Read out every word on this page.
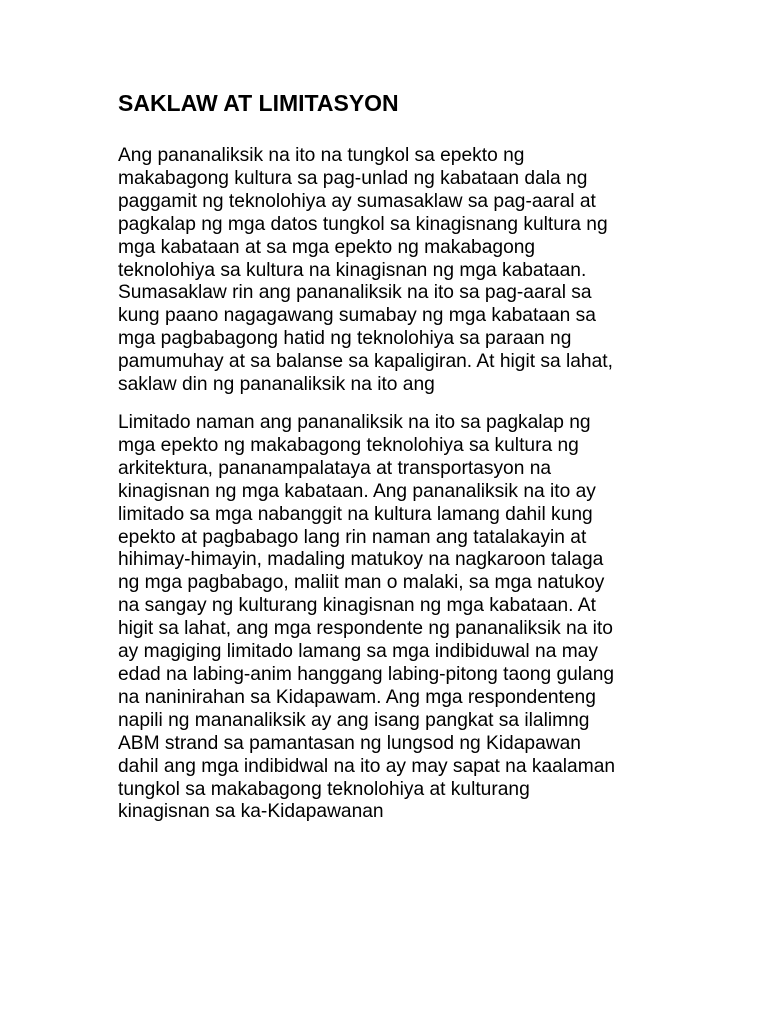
SAKLAW AT LIMITASYON

Ang pananaliksik na ito na tungkol sa epekto ng
makabagong kultura sa pag-unlad ng kabataan dala ng
paggamit ng teknolohiya ay sumasaklaw sa pag-aaral at
pagkalap ng mga datos tungkol sa kinagisnang kultura ng
mga kabataan at sa mga epekto ng makabagong
teknolohiya sa kultura na kinagisnan ng mga kabataan.
Sumasaklaw rin ang pananaliksik na ito sa pag-aaral sa
kung paano nagagawang sumabay ng mga kabataan sa
mga pagbabagong hatid ng teknolohiya sa paraan ng
pamumuhay at sa balanse sa kapaligiran. At higit sa lahat,
saklaw din ng pananaliksik na ito ang

Limitado naman ang pananaliksik na ito sa pagkalap ng
mga epekto ng makabagong teknolohiya sa kultura ng
arkitektura, pananampalataya at transportasyon na
kinagisnan ng mga kabataan. Ang pananaliksik na ito ay
limitado sa mga nabanggit na kultura lamang dahil kung
epekto at pagbabago lang rin naman ang tatalakayin at
hihimay-himayin, madaling matukoy na nagkaroon talaga
ng mga pagbabago, maliit man o malaki, sa mga natukoy
na sangay ng kulturang kinagisnan ng mga kabataan. At
higit sa lahat, ang mga respondente ng pananaliksik na ito
ay magiging limitado lamang sa mga indibiduwal na may
edad na labing-anim hanggang labing-pitong taong gulang
na naninirahan sa Kidapawam. Ang mga respondenteng
napili ng mananaliksik ay ang isang pangkat sa ilalimng
ABM strand sa pamantasan ng lungsod ng Kidapawan
dahil ang mga indibidwal na ito ay may sapat na kaalaman
tungkol sa makabagong teknolohiya at kulturang
kinagisnan sa ka-Kidapawanan
